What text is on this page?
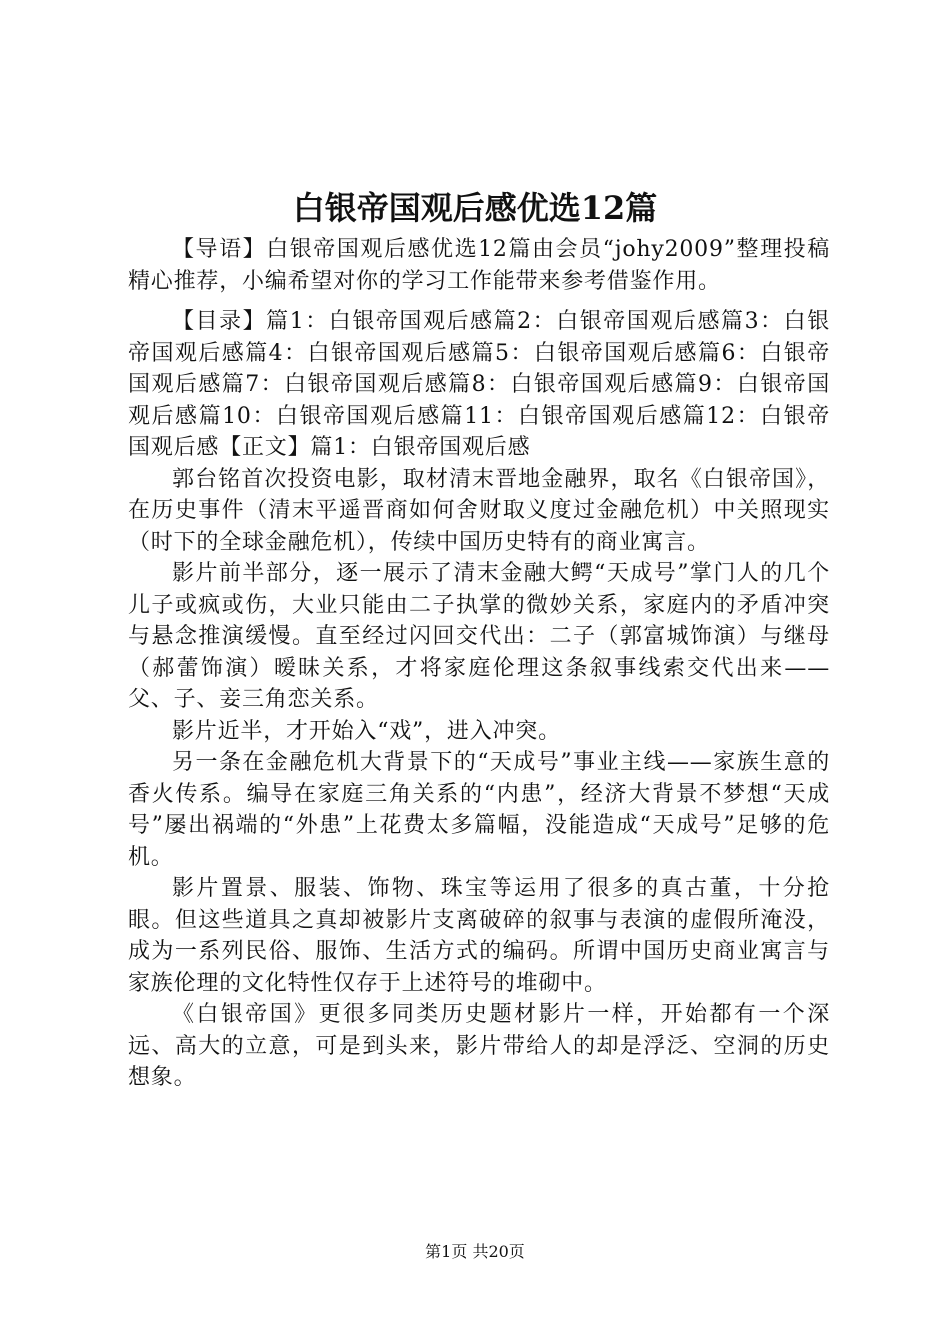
白银帝国观后感优选12篇

【导语】白银帝国观后感优选12篇由会员“johy2009”整理投稿精心推荐，小编希望对你的学习工作能带来参考借鉴作用。

【目录】篇1：白银帝国观后感篇2：白银帝国观后感篇3：白银帝国观后感篇4：白银帝国观后感篇5：白银帝国观后感篇6：白银帝国观后感篇7：白银帝国观后感篇8：白银帝国观后感篇9：白银帝国观后感篇10：白银帝国观后感篇11：白银帝国观后感篇12：白银帝国观后感【正文】篇1：白银帝国观后感

郭台铭首次投资电影，取材清末晋地金融界，取名《白银帝国》，在历史事件（清末平遥晋商如何舍财取义度过金融危机）中关照现实（时下的全球金融危机），传续中国历史特有的商业寓言。

影片前半部分，逐一展示了清末金融大鳄“天成号”掌门人的几个儿子或疯或伤，大业只能由二子执掌的微妙关系，家庭内的矛盾冲突与悬念推演缓慢。直至经过闪回交代出：二子（郭富城饰演）与继母（郝蕾饰演）暧昧关系，才将家庭伦理这条叙事线索交代出来——父、子、妾三角恋关系。

影片近半，才开始入“戏”，进入冲突。

另一条在金融危机大背景下的“天成号”事业主线——家族生意的香火传系。编导在家庭三角关系的“内患”，经济大背景不梦想“天成号”屡出祸端的“外患”上花费太多篇幅，没能造成“天成号”足够的危机。

影片置景、服装、饰物、珠宝等运用了很多的真古董，十分抢眼。但这些道具之真却被影片支离破碎的叙事与表演的虚假所淹没，成为一系列民俗、服饰、生活方式的编码。所谓中国历史商业寓言与家族伦理的文化特性仅存于上述符号的堆砌中。

《白银帝国》更很多同类历史题材影片一样，开始都有一个深远、高大的立意，可是到头来，影片带给人的却是浮泛、空洞的历史想象。

第1页 共20页
